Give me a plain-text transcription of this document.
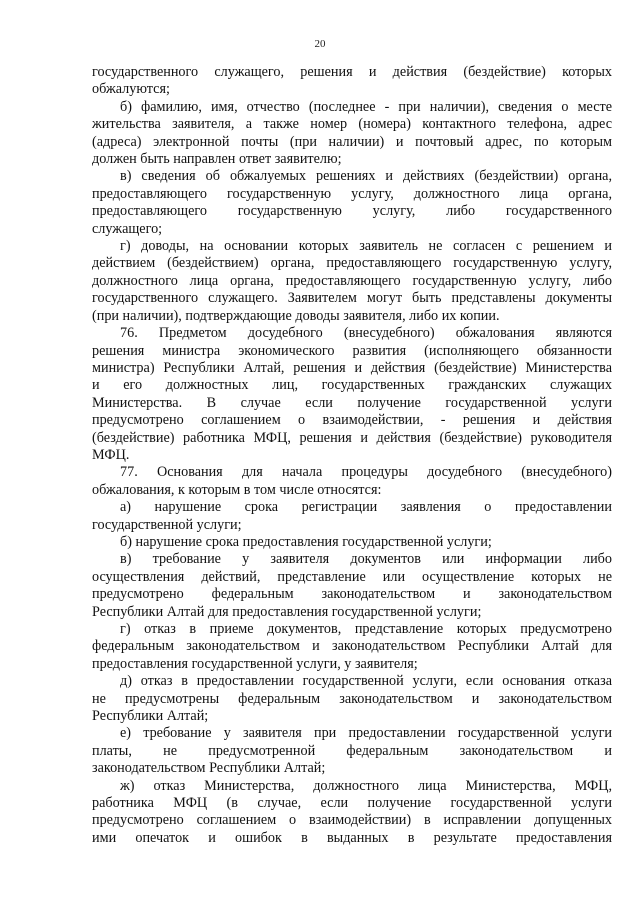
20
государственного служащего, решения и действия (бездействие) которых
обжалуются;
б) фамилию, имя, отчество (последнее - при наличии), сведения о месте
жительства заявителя, а также номер (номера) контактного телефона, адрес
(адреса) электронной почты (при наличии) и почтовый адрес, по которым
должен быть направлен ответ заявителю;
в) сведения об обжалуемых решениях и действиях (бездействии) органа,
предоставляющего государственную услугу, должностного лица органа,
предоставляющего государственную услугу, либо государственного
служащего;
г) доводы, на основании которых заявитель не согласен с решением и
действием (бездействием) органа, предоставляющего государственную услугу,
должностного лица органа, предоставляющего государственную услугу, либо
государственного служащего. Заявителем могут быть представлены документы
(при наличии), подтверждающие доводы заявителя, либо их копии.
76. Предметом досудебного (внесудебного) обжалования являются
решения министра экономического развития (исполняющего обязанности
министра) Республики Алтай, решения и действия (бездействие) Министерства
и его должностных лиц, государственных гражданских служащих
Министерства. В случае если получение государственной услуги
предусмотрено соглашением о взаимодействии, - решения и действия
(бездействие) работника МФЦ, решения и действия (бездействие) руководителя
МФЦ.
77. Основания для начала процедуры досудебного (внесудебного)
обжалования, к которым в том числе относятся:
а) нарушение срока регистрации заявления о предоставлении
государственной услуги;
б) нарушение срока предоставления государственной услуги;
в) требование у заявителя документов или информации либо
осуществления действий, представление или осуществление которых не
предусмотрено федеральным законодательством и законодательством
Республики Алтай для предоставления государственной услуги;
г) отказ в приеме документов, представление которых предусмотрено
федеральным законодательством и законодательством Республики Алтай для
предоставления государственной услуги, у заявителя;
д) отказ в предоставлении государственной услуги, если основания отказа
не предусмотрены федеральным законодательством и законодательством
Республики Алтай;
е) требование у заявителя при предоставлении государственной услуги
платы, не предусмотренной федеральным законодательством и
законодательством Республики Алтай;
ж) отказ Министерства, должностного лица Министерства, МФЦ,
работника МФЦ (в случае, если получение государственной услуги
предусмотрено соглашением о взаимодействии) в исправлении допущенных
ими опечаток и ошибок в выданных в результате предоставления
